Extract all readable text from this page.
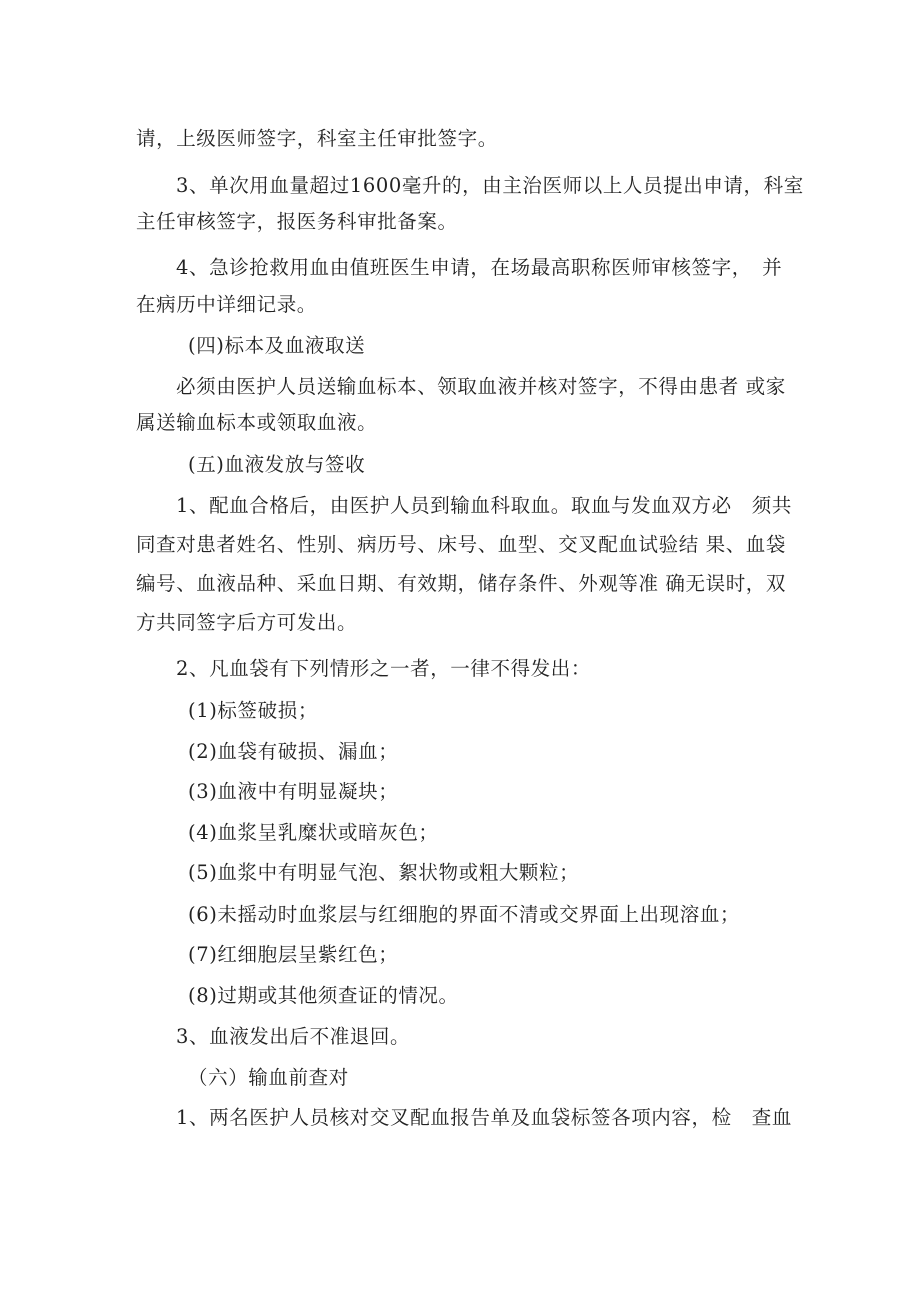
请，上级医师签字，科室主任审批签字。
3、单次用血量超过1600毫升的，由主治医师以上人员提出申请，科室
主任审核签字，报医务科审批备案。
4、急诊抢救用血由值班医生申请，在场最高职称医师审核签字，　并
在病历中详细记录。
(四)标本及血液取送
必须由医护人员送输血标本、领取血液并核对签字，不得由患者 或家
属送输血标本或领取血液。
(五)血液发放与签收
1、配血合格后，由医护人员到输血科取血。取血与发血双方必　须共
同查对患者姓名、性别、病历号、床号、血型、交叉配血试验结 果、血袋
编号、血液品种、采血日期、有效期，储存条件、外观等准 确无误时，双
方共同签字后方可发出。
2、凡血袋有下列情形之一者，一律不得发出：
(1)标签破损；
(2)血袋有破损、漏血；
(3)血液中有明显凝块；
(4)血浆呈乳糜状或暗灰色；
(5)血浆中有明显气泡、絮状物或粗大颗粒；
(6)未摇动时血浆层与红细胞的界面不清或交界面上出现溶血；
(7)红细胞层呈紫红色；
(8)过期或其他须查证的情况。
3、血液发出后不准退回。
（六）输血前查对
1、两名医护人员核对交叉配血报告单及血袋标签各项内容，检　查血
